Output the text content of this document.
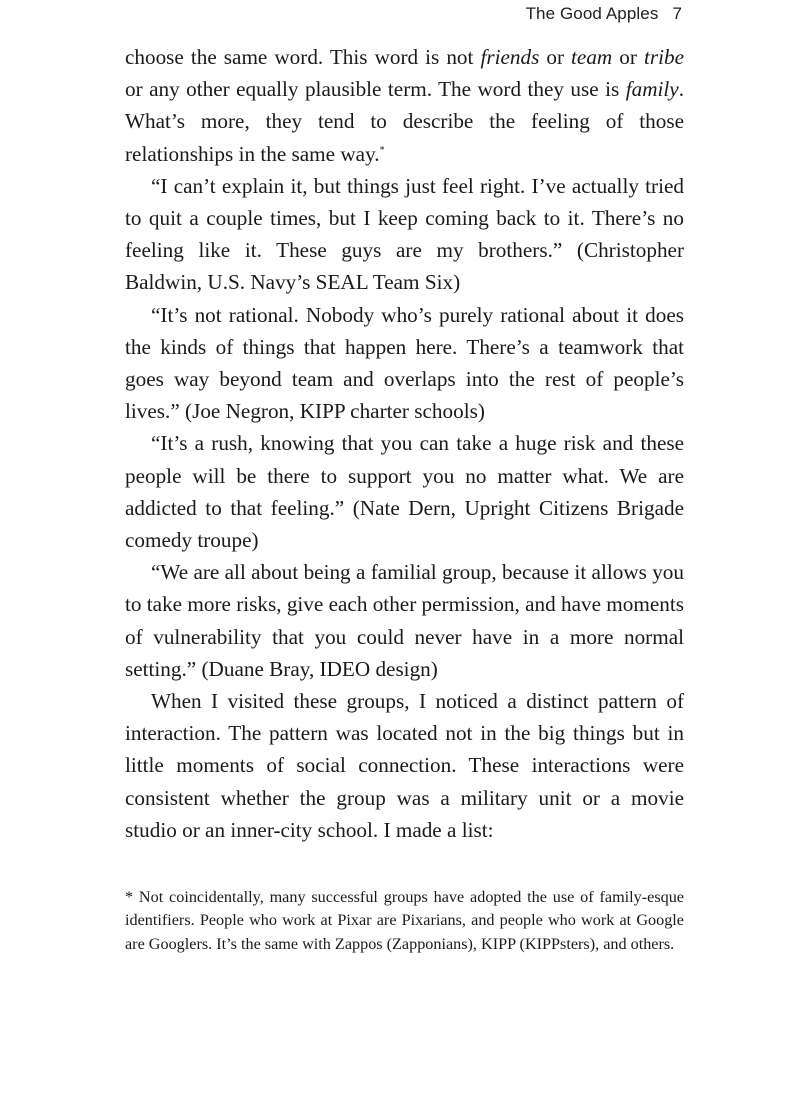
The Good Apples 7

choose the same word. This word is not friends or team or tribe or any other equally plausible term. The word they use is family. What’s more, they tend to describe the feeling of those relationships in the same way.*

“I can’t explain it, but things just feel right. I’ve actually tried to quit a couple times, but I keep coming back to it. There’s no feeling like it. These guys are my brothers.” (Christopher Baldwin, U.S. Navy’s SEAL Team Six)

“It’s not rational. Nobody who’s purely rational about it does the kinds of things that happen here. There’s a teamwork that goes way beyond team and overlaps into the rest of people’s lives.” (Joe Negron, KIPP charter schools)

“It’s a rush, knowing that you can take a huge risk and these people will be there to support you no matter what. We are addicted to that feeling.” (Nate Dern, Upright Citizens Brigade comedy troupe)

“We are all about being a familial group, because it allows you to take more risks, give each other permission, and have moments of vulnerability that you could never have in a more normal setting.” (Duane Bray, IDEO design)

When I visited these groups, I noticed a distinct pattern of interaction. The pattern was located not in the big things but in little moments of social connection. These interactions were consistent whether the group was a military unit or a movie studio or an inner-city school. I made a list:

* Not coincidentally, many successful groups have adopted the use of family-esque identifiers. People who work at Pixar are Pixarians, and people who work at Google are Googlers. It’s the same with Zappos (Zapponians), KIPP (KIPPsters), and others.
